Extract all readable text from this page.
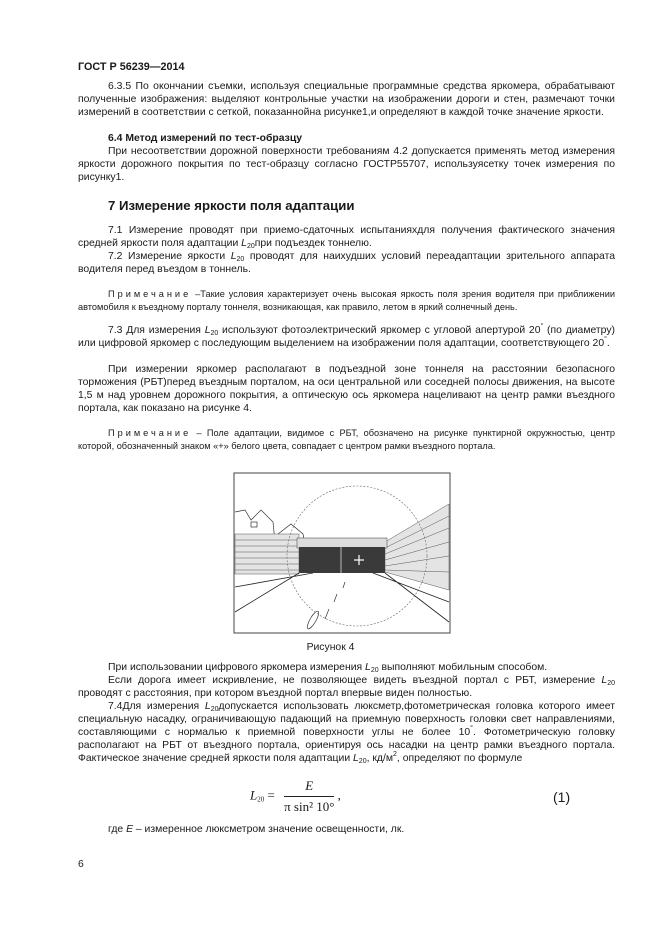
ГОСТ Р 56239—2014
6.3.5 По окончании съемки, используя специальные программные средства яркомера, обрабатывают полученные изображения: выделяют контрольные участки на изображении дороги и стен, размечают точки измерений в соответствии с сеткой, показаннойна рисунке1,и определяют в каждой точке значение яркости.
6.4 Метод измерений по тест-образцу
При несоответствии дорожной поверхности требованиям 4.2 допускается применять метод измерения яркости дорожного покрытия по тест-образцу согласно ГОСТР55707, используясетку точек измерения по рисунку1.
7 Измерение яркости поля адаптации
7.1 Измерение проводят при приемо-сдаточных испытанияхдля получения фактического значения средней яркости поля адаптации $L_{20}при$ подъездек тоннелю.
7.2 Измерение яркости $L_{20}$ проводят для наихудших условий переадаптации зрительного аппарата водителя перед въездом в тоннель.
Примечание –Такие условия характеризует очень высокая яркость поля зрения водителя при приближении автомобиля к въездному порталу тоннеля, возникающая, как правило, летом в яркий солнечный день.
7.3 Для измерения $L_{20}$ используют фотоэлектрический яркомер с угловой апертурой 20° (по диаметру) или цифровой яркомер с последующим выделением на изображении поля адаптации, соответствующего 20°.
При измерении яркомер располагают в подъездной зоне тоннеля на расстоянии безопасного торможения (РБТ)перед въездным порталом, на оси центральной или соседней полосы движения, на высоте 1,5 м над уровнем дорожного покрытия, а оптическую ось яркомера нацеливают на центр рамки въездного портала, как показано на рисунке 4.
Примечание – Поле адаптации, видимое с РБТ, обозначено на рисунке пунктирной окружностью, центр которой, обозначенный знаком «+» белого цвета, совпадает с центром рамки въездного портала.
Рисунок 4
При использовании цифрового яркомера измерения $L_{20}$ выполняют мобильным способом.
Если дорога имеет искривление, не позволяющее видеть въездной портал с РБТ, измерение $L_{20}$ проводят с расстояния, при котором въездной портал впервые виден полностью.
7.4Для измерения $L_{20}допускается$ использовать люксметр,фотометрическая головка которого имеет специальную насадку, ограничивающую падающий на приемную поверхность головки свет направлениями, составляющими с нормалью к приемной поверхности углы не более 10°. Фотометрическую головку располагают на РБТ от въездного портала, ориентируя ось насадки на центр рамки въездного портала. Фактическое значение средней яркости поля адаптации $L_{20}$, $кд/м^2$, определяют по формуле
$L_{20} = \frac{E}{\text{π sin² 10°}}$ ,	(1)
где E – измеренное люксметром значение освещенности, лк.
6
